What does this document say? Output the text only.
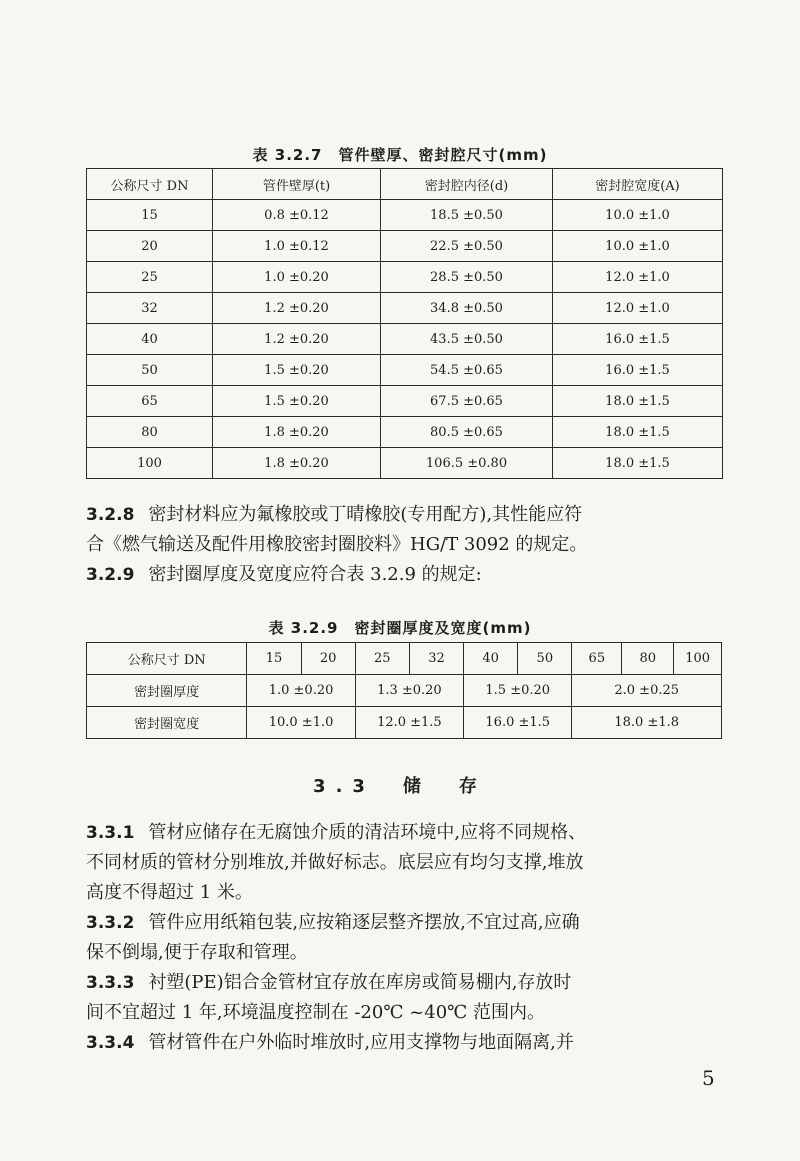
表 3.2.7　管件壁厚、密封腔尺寸(mm)
公称尺寸 DN	管件壁厚(t)	密封腔内径(d)	密封腔宽度(A)
15	0.8 ±0.12	18.5 ±0.50	10.0 ±1.0
20	1.0 ±0.12	22.5 ±0.50	10.0 ±1.0
25	1.0 ±0.20	28.5 ±0.50	12.0 ±1.0
32	1.2 ±0.20	34.8 ±0.50	12.0 ±1.0
40	1.2 ±0.20	43.5 ±0.50	16.0 ±1.5
50	1.5 ±0.20	54.5 ±0.65	16.0 ±1.5
65	1.5 ±0.20	67.5 ±0.65	18.0 ±1.5
80	1.8 ±0.20	80.5 ±0.65	18.0 ±1.5
100	1.8 ±0.20	106.5 ±0.80	18.0 ±1.5
3.2.8 密封材料应为氟橡胶或丁晴橡胶(专用配方),其性能应符
合《燃气输送及配件用橡胶密封圈胶料》HG/T 3092 的规定。
3.2.9 密封圈厚度及宽度应符合表 3.2.9 的规定:
表 3.2.9　密封圈厚度及宽度(mm)
公称尺寸 DN	15	20	25	32	40	50	65	80	100
密封圈厚度	1.0 ±0.20		1.3 ±0.20		1.5 ±0.20		2.0 ±0.25		
密封圈宽度	10.0 ±1.0		12.0 ±1.5		16.0 ±1.5		18.0 ±1.8		
3.3　储　存
3.3.1 管材应储存在无腐蚀介质的清洁环境中,应将不同规格、
不同材质的管材分别堆放,并做好标志。底层应有均匀支撑,堆放
高度不得超过 1 米。
3.3.2 管件应用纸箱包装,应按箱逐层整齐摆放,不宜过高,应确
保不倒塌,便于存取和管理。
3.3.3 衬塑(PE)铝合金管材宜存放在库房或简易棚内,存放时
间不宜超过 1 年,环境温度控制在 -20℃ ~40℃ 范围内。
3.3.4 管材管件在户外临时堆放时,应用支撑物与地面隔离,并
5
